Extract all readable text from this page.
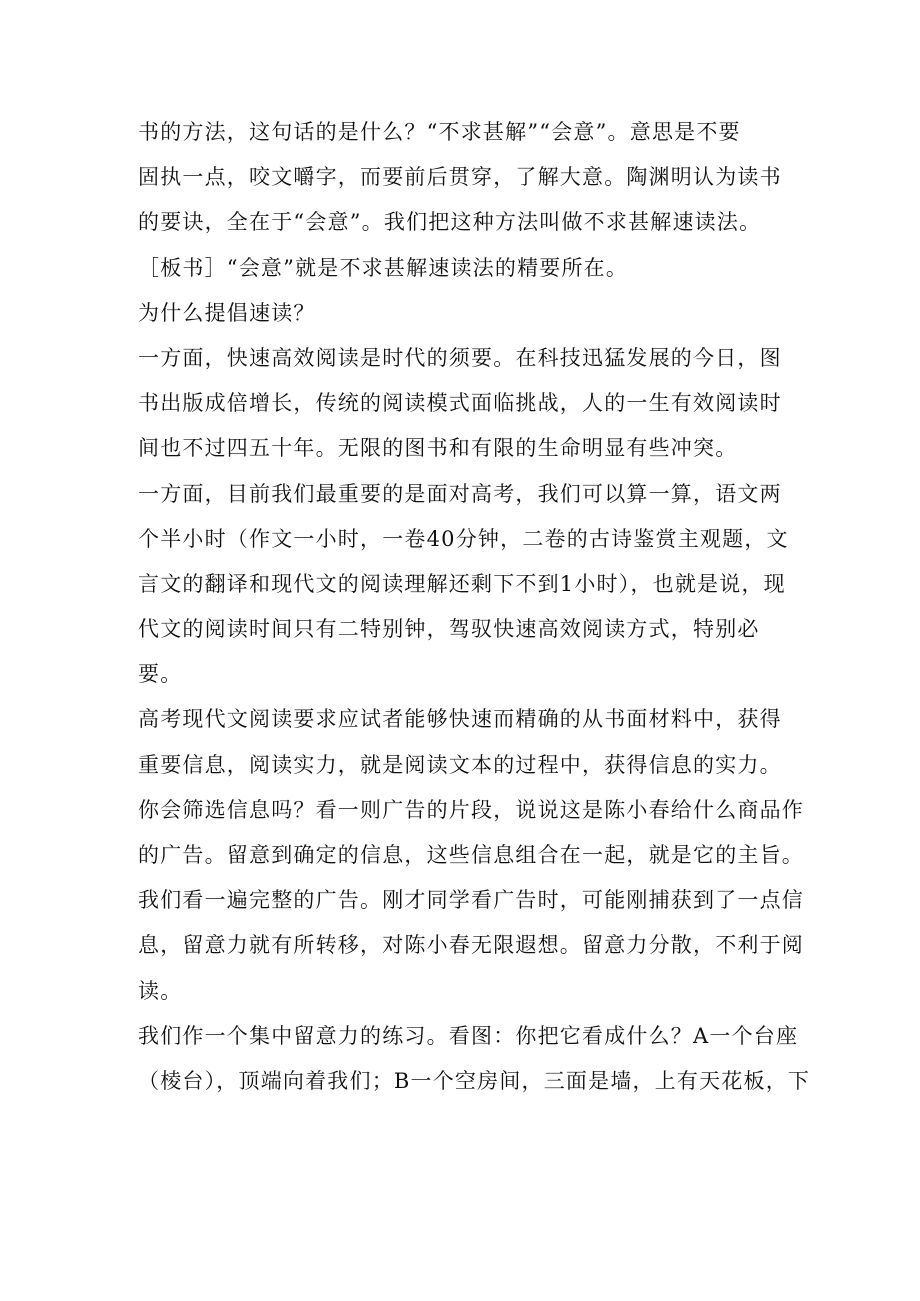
书的方法，这句话的是什么？“不求甚解”“会意”。意思是不要
固执一点，咬文嚼字，而要前后贯穿，了解大意。陶渊明认为读书
的要诀，全在于“会意”。我们把这种方法叫做不求甚解速读法。
［板书］“会意”就是不求甚解速读法的精要所在。
为什么提倡速读？
一方面，快速高效阅读是时代的须要。在科技迅猛发展的今日，图
书出版成倍增长，传统的阅读模式面临挑战，人的一生有效阅读时
间也不过四五十年。无限的图书和有限的生命明显有些冲突。
一方面，目前我们最重要的是面对高考，我们可以算一算，语文两
个半小时（作文一小时，一卷40分钟，二卷的古诗鉴赏主观题，文
言文的翻译和现代文的阅读理解还剩下不到1小时），也就是说，现
代文的阅读时间只有二特别钟，驾驭快速高效阅读方式，特别必
要。
高考现代文阅读要求应试者能够快速而精确的从书面材料中，获得
重要信息，阅读实力，就是阅读文本的过程中，获得信息的实力。
你会筛选信息吗？看一则广告的片段，说说这是陈小春给什么商品作
的广告。留意到确定的信息，这些信息组合在一起，就是它的主旨。
我们看一遍完整的广告。刚才同学看广告时，可能刚捕获到了一点信
息，留意力就有所转移，对陈小春无限遐想。留意力分散，不利于阅
读。
我们作一个集中留意力的练习。看图：你把它看成什么？A一个台座
（棱台），顶端向着我们；B一个空房间，三面是墙，上有天花板，下
